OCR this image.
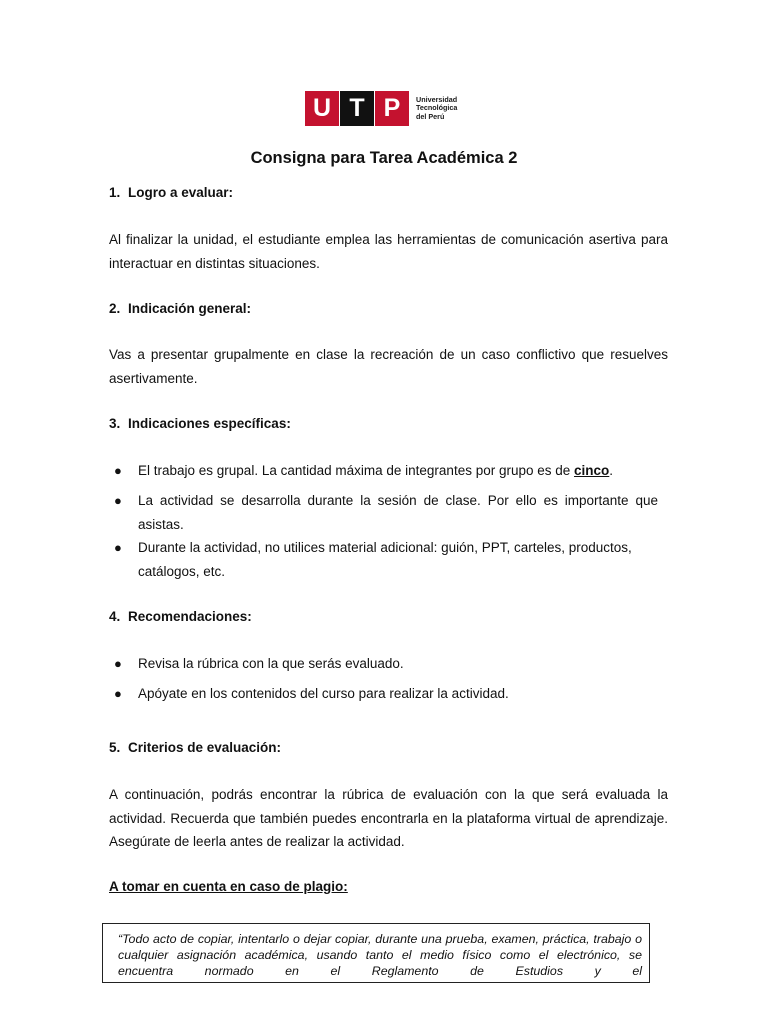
U T P	Universidad
Tecnológica
del Perú
Consigna para Tarea Académica 2
1. Logro a evaluar:
Al finalizar la unidad, el estudiante emplea las herramientas de comunicación asertiva para interactuar en distintas situaciones.
2. Indicación general:
Vas a presentar grupalmente en clase la recreación de un caso conflictivo que resuelves asertivamente.
3. Indicaciones específicas:
● El trabajo es grupal. La cantidad máxima de integrantes por grupo es de cinco.
● La actividad se desarrolla durante la sesión de clase. Por ello es importante que asistas.
● Durante la actividad, no utilices material adicional: guión, PPT, carteles, productos, catálogos, etc.
4. Recomendaciones:
● Revisa la rúbrica con la que serás evaluado.
● Apóyate en los contenidos del curso para realizar la actividad.
5. Criterios de evaluación:
A continuación, podrás encontrar la rúbrica de evaluación con la que será evaluada la actividad. Recuerda que también puedes encontrarla en la plataforma virtual de aprendizaje. Asegúrate de leerla antes de realizar la actividad.
A tomar en cuenta en caso de plagio:
“Todo acto de copiar, intentarlo o dejar copiar, durante una prueba, examen, práctica, trabajo o cualquier asignación académica, usando tanto el medio físico como el electrónico, se encuentra normado en el Reglamento de Estudios y el
